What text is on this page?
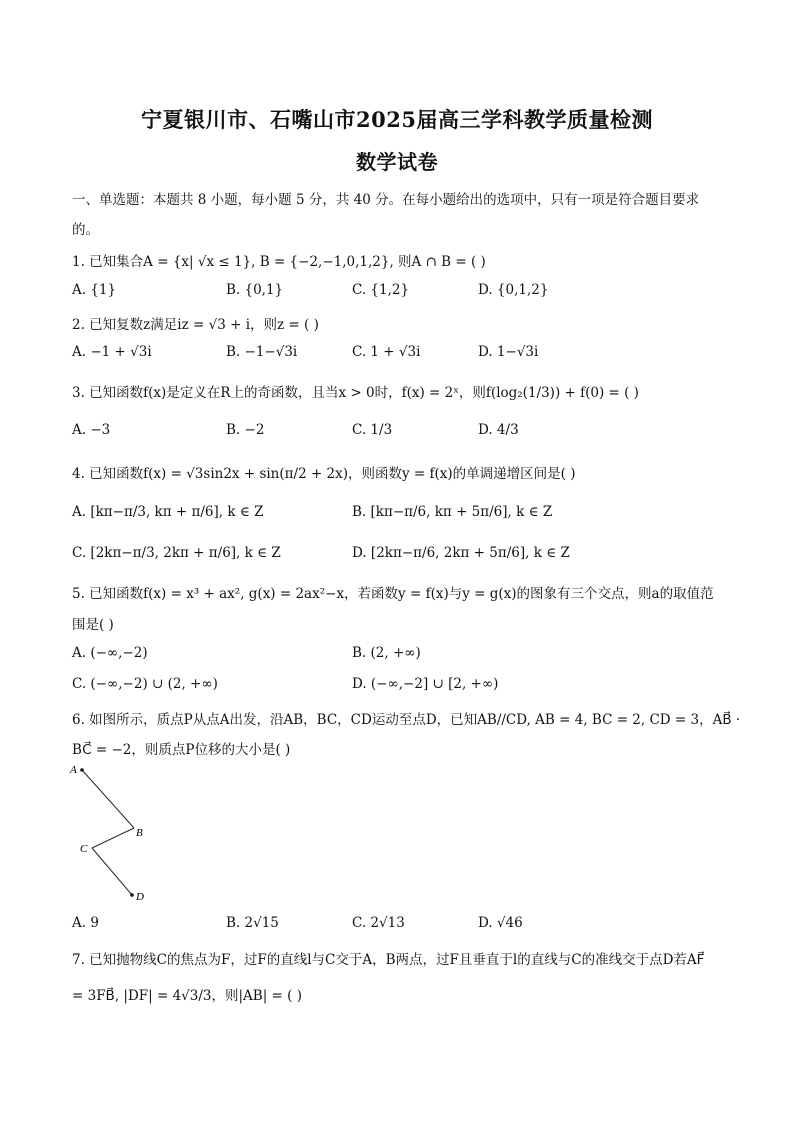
宁夏银川市、石嘴山市2025届高三学科教学质量检测
数学试卷
一、单选题：本题共 8 小题，每小题 5 分，共 40 分。在每小题给出的选项中，只有一项是符合题目要求
的。
1. 已知集合A = {x| √x ≤ 1}, B = {−2,−1,0,1,2}, 则A ∩ B = ( )
A. {1}	B. {0,1}	C. {1,2}	D. {0,1,2}
2. 已知复数z满足iz = √3 + i，则z = ( )
A. −1 + √3i	B. −1−√3i	C. 1 + √3i	D. 1−√3i
3. 已知函数f(x)是定义在R上的奇函数，且当x > 0时，f(x) = 2ˣ，则f(log₂(1/3)) + f(0) = ( )
A. −3	B. −2	C. 1/3	D. 4/3
4. 已知函数f(x) = √3sin2x + sin(π/2 + 2x)，则函数y = f(x)的单调递增区间是( )
A. [kπ−π/3, kπ + π/6], k ∈ Z	B. [kπ−π/6, kπ + 5π/6], k ∈ Z
C. [2kπ−π/3, 2kπ + π/6], k ∈ Z	D. [2kπ−π/6, 2kπ + 5π/6], k ∈ Z
5. 已知函数f(x) = x³ + ax², g(x) = 2ax²−x，若函数y = f(x)与y = g(x)的图象有三个交点，则a的取值范
围是( )
A. (−∞,−2)	B. (2, +∞)
C. (−∞,−2) ∪ (2, +∞)	D. (−∞,−2] ∪ [2, +∞)
6. 如图所示，质点P从点A出发，沿AB，BC，CD运动至点D，已知AB//CD, AB = 4, BC = 2, CD = 3，AB⃗ ·
BC⃗ = −2，则质点P位移的大小是( )
A
B
C
D
A. 9	B. 2√15	C. 2√13	D. √46
7. 已知抛物线C的焦点为F，过F的直线l与C交于A，B两点，过F且垂直于l的直线与C的准线交于点D若AF⃗
= 3FB⃗, |DF| = 4√3/3，则|AB| = ( )
